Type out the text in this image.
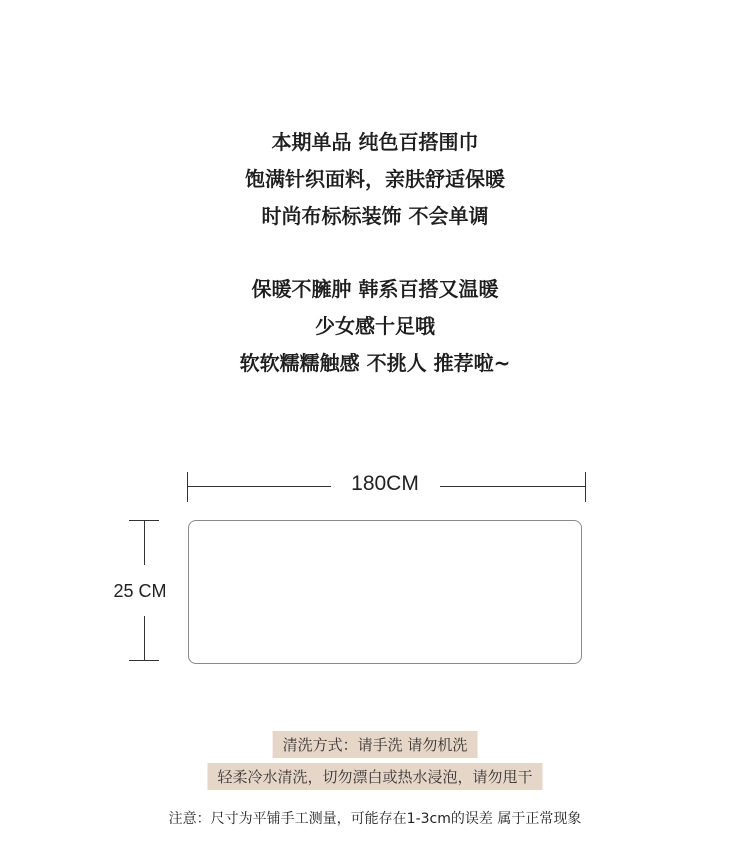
本期单品 纯色百搭围巾
饱满针织面料，亲肤舒适保暖
时尚布标标装饰 不会单调
保暖不臃肿 韩系百搭又温暖
少女感十足哦
软软糯糯触感 不挑人 推荐啦~
180CM
25 CM
清洗方式：请手洗 请勿机洗
轻柔冷水清洗，切勿漂白或热水浸泡，请勿甩干
注意：尺寸为平铺手工测量，可能存在1-3cm的误差 属于正常现象
